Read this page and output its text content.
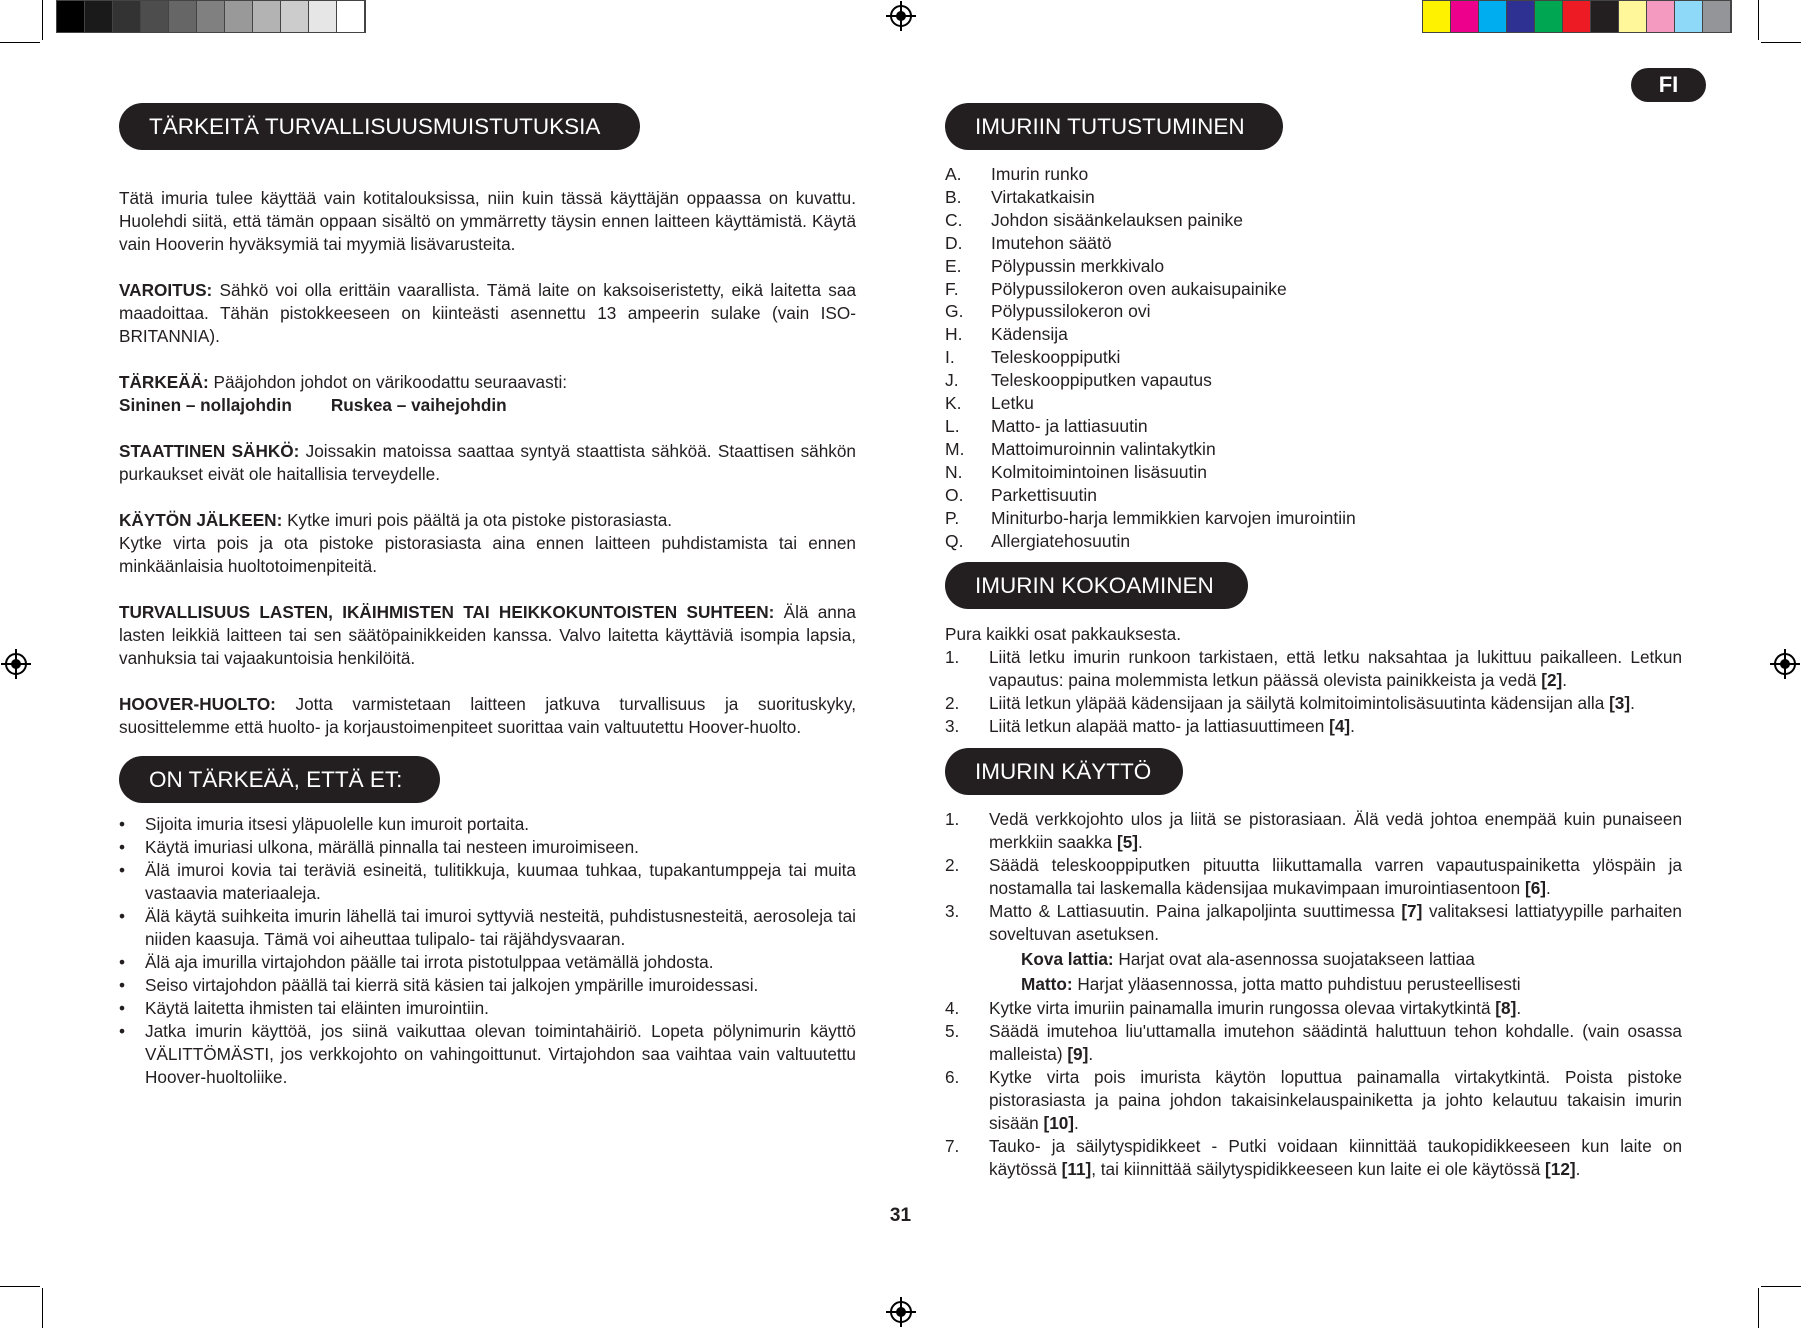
FI
TÄRKEITÄ TURVALLISUUSMUISTUTUKSIA

Tätä imuria tulee käyttää vain kotitalouksissa, niin kuin tässä käyttäjän oppaassa on kuvattu. Huolehdi siitä, että tämän oppaan sisältö on ymmärretty täysin ennen laitteen käyttämistä. Käytä vain Hooverin hyväksymiä tai myymiä lisävarusteita.

VAROITUS: Sähkö voi olla erittäin vaarallista. Tämä laite on kaksoiseristetty, eikä laitetta saa maadoittaa. Tähän pistokkeeseen on kiinteästi asennettu 13 ampeerin sulake (vain ISO-BRITANNIA).

TÄRKEÄÄ: Pääjohdon johdot on värikoodattu seuraavasti:

Sininen – nollajohdin Ruskea – vaihejohdin

STAATTINEN SÄHKÖ: Joissakin matoissa saattaa syntyä staattista sähköä. Staattisen sähkön purkaukset eivät ole haitallisia terveydelle.

KÄYTÖN JÄLKEEN: Kytke imuri pois päältä ja ota pistoke pistorasiasta.

Kytke virta pois ja ota pistoke pistorasiasta aina ennen laitteen puhdistamista tai ennen minkäänlaisia huoltotoimenpiteitä.

TURVALLISUUS LASTEN, IKÄIHMISTEN TAI HEIKKOKUNTOISTEN SUHTEEN: Älä anna lasten leikkiä laitteen tai sen säätöpainikkeiden kanssa. Valvo laitetta käyttäviä isompia lapsia, vanhuksia tai vajaakuntoisia henkilöitä.

HOOVER-HUOLTO: Jotta varmistetaan laitteen jatkuva turvallisuus ja suorituskyky, suosittelemme että huolto- ja korjaustoimenpiteet suorittaa vain valtuutettu Hoover-huolto.

ON TÄRKEÄÄ, ETTÄ ET:
• Sijoita imuria itsesi yläpuolelle kun imuroit portaita.
• Käytä imuriasi ulkona, märällä pinnalla tai nesteen imuroimiseen.
• Älä imuroi kovia tai teräviä esineitä, tulitikkuja, kuumaa tuhkaa, tupakantumppeja tai muita vastaavia materiaaleja.
• Älä käytä suihkeita imurin lähellä tai imuroi syttyviä nesteitä, puhdistusnesteitä, aerosoleja tai niiden kaasuja. Tämä voi aiheuttaa tulipalo- tai räjähdysvaaran.
• Älä aja imurilla virtajohdon päälle tai irrota pistotulppaa vetämällä johdosta.
• Seiso virtajohdon päällä tai kierrä sitä käsien tai jalkojen ympärille imuroidessasi.
• Käytä laitetta ihmisten tai eläinten imurointiin.
• Jatka imurin käyttöä, jos siinä vaikuttaa olevan toimintahäiriö. Lopeta pölynimurin käyttö VÄLITTÖMÄSTI, jos verkkojohto on vahingoittunut. Virtajohdon saa vaihtaa vain valtuutettu Hoover-huoltoliike.
IMURIIN TUTUSTUMINEN
A.	Imurin runko
B.	Virtakatkaisin
C.	Johdon sisäänkelauksen painike
D.	Imutehon säätö
E.	Pölypussin merkkivalo
F.	Pölypussilokeron oven aukaisupainike
G.	Pölypussilokeron ovi
H.	Kädensija
I.	Teleskooppiputki
J.	Teleskooppiputken vapautus
K.	Letku
L.	Matto- ja lattiasuutin
M.	Mattoimuroinnin valintakytkin
N.	Kolmitoimintoinen lisäsuutin
O.	Parkettisuutin
P.	Miniturbo-harja lemmikkien karvojen imurointiin
Q.	Allergiatehosuutin
IMURIN KOKOAMINEN
Pura kaikki osat pakkauksesta.
1.	Liitä letku imurin runkoon tarkistaen, että letku naksahtaa ja lukittuu paikalleen. Letkun vapautus: paina molemmista letkun päässä olevista painikkeista ja vedä [2].
2.	Liitä letkun yläpää kädensijaan ja säilytä kolmitoimintolisäsuutinta kädensijan alla [3].
3.	Liitä letkun alapää matto- ja lattiasuuttimeen [4].
IMURIN KÄYTTÖ
1.	Vedä verkkojohto ulos ja liitä se pistorasiaan. Älä vedä johtoa enempää kuin punaiseen merkkiin saakka [5].
2.	Säädä teleskooppiputken pituutta liikuttamalla varren vapautuspainiketta ylöspäin ja nostamalla tai laskemalla kädensijaa mukavimpaan imurointiasentoon [6].
3.	Matto & Lattiasuutin. Paina jalkapoljinta suuttimessa [7] valitaksesi lattiatyypille parhaiten soveltuvan asetuksen.
Kova lattia: Harjat ovat ala-asennossa suojatakseen lattiaa
Matto: Harjat yläasennossa, jotta matto puhdistuu perusteellisesti
4.	Kytke virta imuriin painamalla imurin rungossa olevaa virtakytkintä [8].
5.	Säädä imutehoa liu'uttamalla imutehon säädintä haluttuun tehon kohdalle. (vain osassa malleista) [9].
6.	Kytke virta pois imurista käytön loputtua painamalla virtakytkintä. Poista pistoke pistorasiasta ja paina johdon takaisinkelauspainiketta ja johto kelautuu takaisin imurin sisään [10].
7.	Tauko- ja säilytyspidikkeet - Putki voidaan kiinnittää taukopidikkeeseen kun laite on käytössä [11], tai kiinnittää säilytyspidikkeeseen kun laite ei ole käytössä [12].
31
